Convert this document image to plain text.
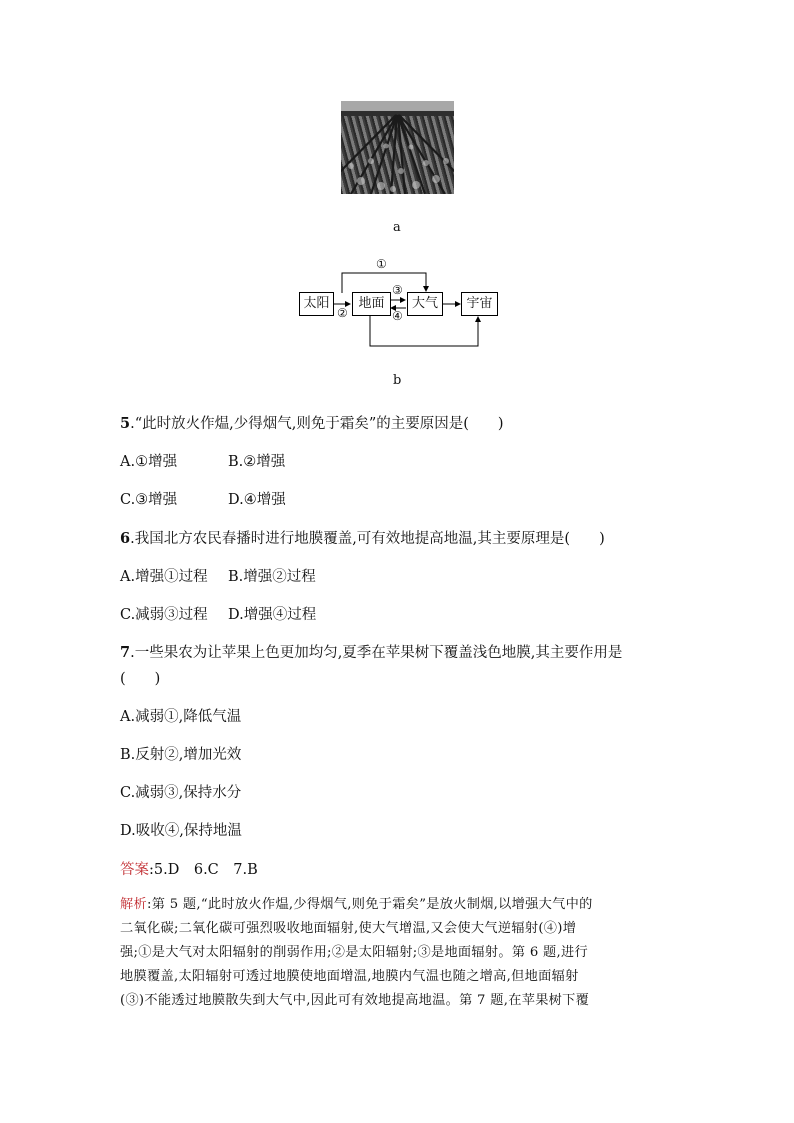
a
太阳	地面	大气	宇宙
①
②
③
④
b
5.“此时放火作煴,少得烟气,则免于霜矣”的主要原因是(　　)
A.①增强	B.②增强
C.③增强	D.④增强
6.我国北方农民春播时进行地膜覆盖,可有效地提高地温,其主要原理是(　　)
A.增强①过程 B.增强②过程
C.减弱③过程 D.增强④过程
7.一些果农为让苹果上色更加均匀,夏季在苹果树下覆盖浅色地膜,其主要作用是
(　　)
A.减弱①,降低气温
B.反射②,增加光效
C.减弱③,保持水分
D.吸收④,保持地温
答案:5.D　6.C　7.B

解析:第 5 题,“此时放火作煴,少得烟气,则免于霜矣”是放火制烟,以增强大气中的

二氧化碳;二氧化碳可强烈吸收地面辐射,使大气增温,又会使大气逆辐射(④)增

强;①是大气对太阳辐射的削弱作用;②是太阳辐射;③是地面辐射。第 6 题,进行

地膜覆盖,太阳辐射可透过地膜使地面增温,地膜内气温也随之增高,但地面辐射

(③)不能透过地膜散失到大气中,因此可有效地提高地温。第 7 题,在苹果树下覆
